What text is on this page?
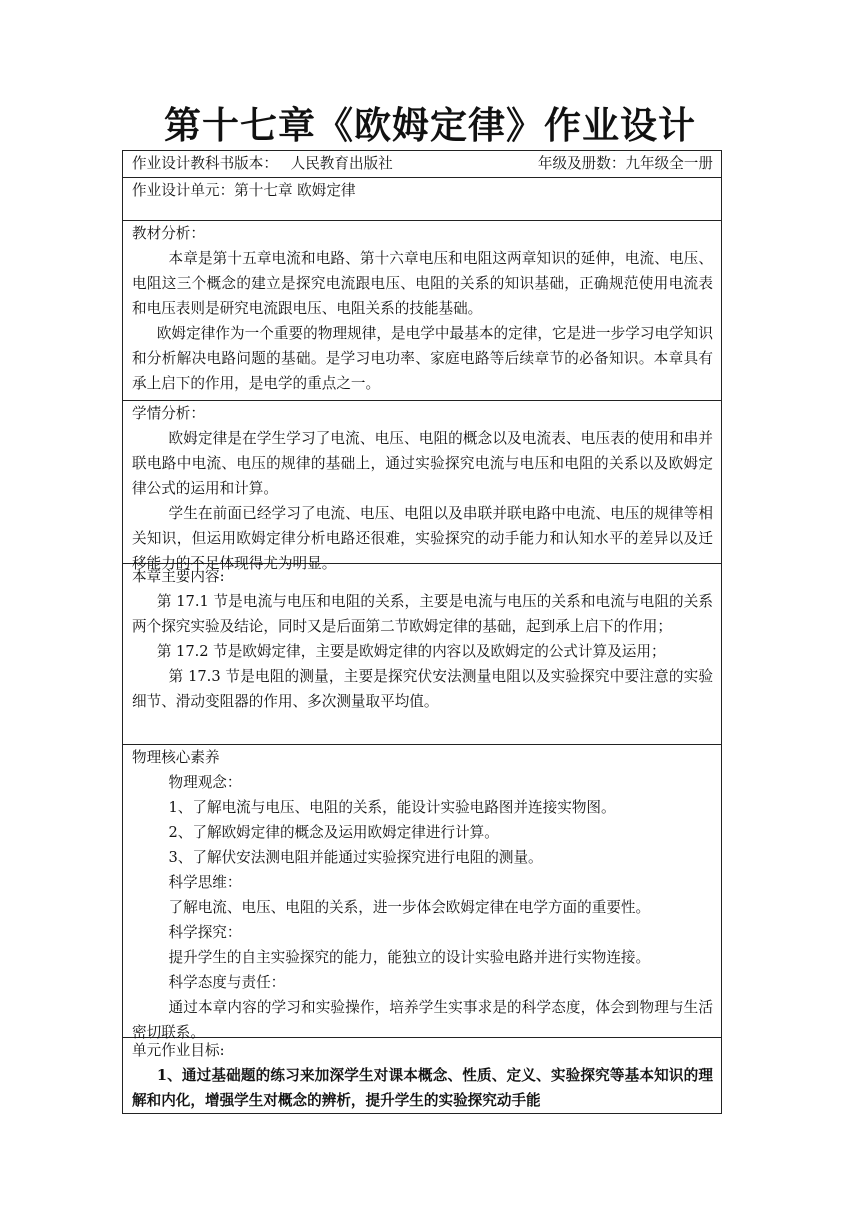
第十七章《欧姆定律》作业设计
作业设计教科书版本： 人民教育出版社	年级及册数：九年级全一册
作业设计单元：第十七章 欧姆定律
教材分析：
本章是第十五章电流和电路、第十六章电压和电阻这两章知识的延伸，电流、电压、电阻这三个概念的建立是探究电流跟电压、电阻的关系的知识基础，正确规范使用电流表和电压表则是研究电流跟电压、电阻关系的技能基础。
欧姆定律作为一个重要的物理规律，是电学中最基本的定律，它是进一步学习电学知识和分析解决电路问题的基础。是学习电功率、家庭电路等后续章节的必备知识。本章具有承上启下的作用，是电学的重点之一。
学情分析：
欧姆定律是在学生学习了电流、电压、电阻的概念以及电流表、电压表的使用和串并联电路中电流、电压的规律的基础上，通过实验探究电流与电压和电阻的关系以及欧姆定律公式的运用和计算。
学生在前面已经学习了电流、电压、电阻以及串联并联电路中电流、电压的规律等相关知识，但运用欧姆定律分析电路还很难，实验探究的动手能力和认知水平的差异以及迁移能力的不足体现得尤为明显。
本章主要内容:
第 17.1 节是电流与电压和电阻的关系，主要是电流与电压的关系和电流与电阻的关系两个探究实验及结论，同时又是后面第二节欧姆定律的基础，起到承上启下的作用；
第 17.2 节是欧姆定律，主要是欧姆定律的内容以及欧姆定的公式计算及运用；
第 17.3 节是电阻的测量，主要是探究伏安法测量电阻以及实验探究中要注意的实验细节、滑动变阻器的作用、多次测量取平均值。
物理核心素养
物理观念：
1、了解电流与电压、电阻的关系，能设计实验电路图并连接实物图。
2、了解欧姆定律的概念及运用欧姆定律进行计算。
3、了解伏安法测电阻并能通过实验探究进行电阻的测量。
科学思维：
了解电流、电压、电阻的关系，进一步体会欧姆定律在电学方面的重要性。
科学探究：
提升学生的自主实验探究的能力，能独立的设计实验电路并进行实物连接。
科学态度与责任：
通过本章内容的学习和实验操作，培养学生实事求是的科学态度，体会到物理与生活密切联系。
单元作业目标:
1、通过基础题的练习来加深学生对课本概念、性质、定义、实验探究等基本知识的理解和内化，增强学生对概念的辨析，提升学生的实验探究动手能
